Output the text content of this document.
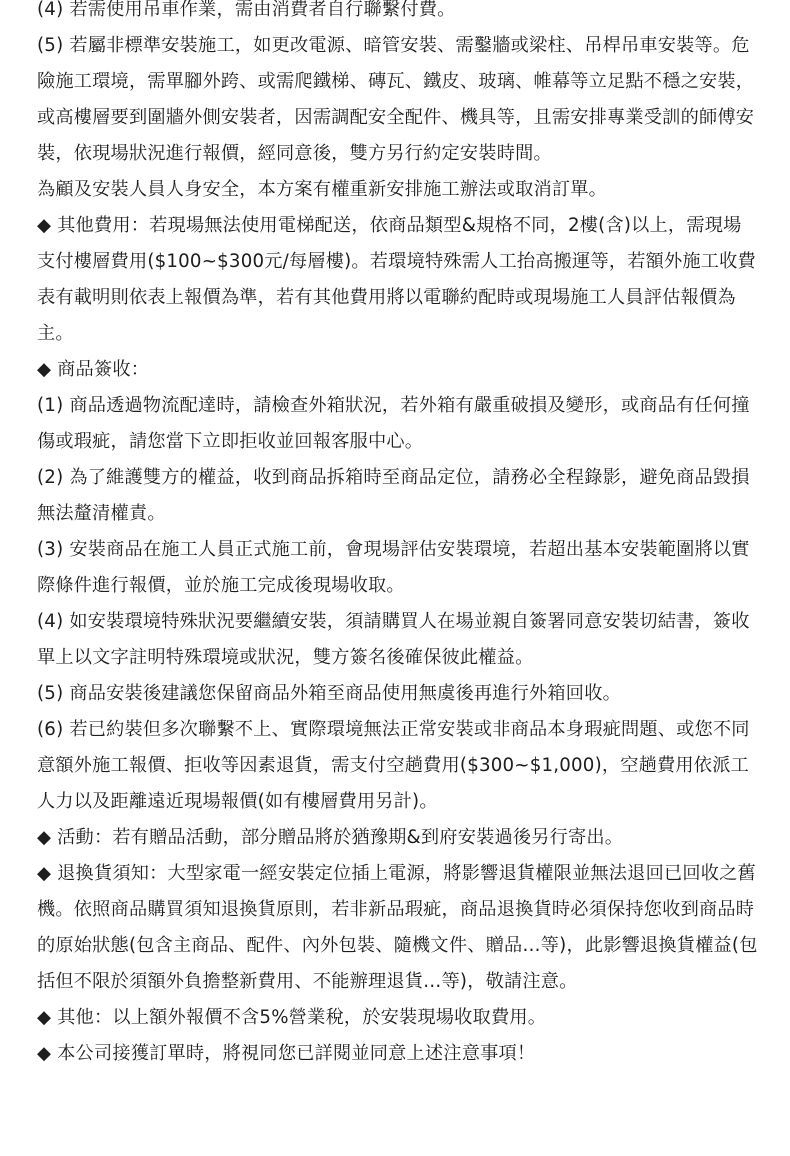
(4) 若需使用吊車作業，需由消費者自行聯繫付費。

(5) 若屬非標準安裝施工，如更改電源、暗管安裝、需鑿牆或梁柱、吊桿吊車安裝等。危險施工環境，需單腳外跨、或需爬鐵梯、磚瓦、鐵皮、玻璃、帷幕等立足點不穩之安裝，或高樓層要到圍牆外側安裝者，因需調配安全配件、機具等，且需安排專業受訓的師傅安裝，依現場狀況進行報價，經同意後，雙方另行約定安裝時間。

為顧及安裝人員人身安全，本方案有權重新安排施工辦法或取消訂單。

◆ 其他費用：若現場無法使用電梯配送，依商品類型&規格不同，2樓(含)以上，需現場支付樓層費用($100~$300元/每層樓)。若環境特殊需人工抬高搬運等，若額外施工收費表有載明則依表上報價為準，若有其他費用將以電聯約配時或現場施工人員評估報價為主。

◆ 商品簽收：

(1) 商品透過物流配達時，請檢查外箱狀況，若外箱有嚴重破損及變形，或商品有任何撞傷或瑕疵，請您當下立即拒收並回報客服中心。

(2) 為了維護雙方的權益，收到商品拆箱時至商品定位，請務必全程錄影，避免商品毀損無法釐清權責。

(3) 安裝商品在施工人員正式施工前，會現場評估安裝環境，若超出基本安裝範圍將以實際條件進行報價，並於施工完成後現場收取。

(4) 如安裝環境特殊狀況要繼續安裝，須請購買人在場並親自簽署同意安裝切結書，簽收單上以文字註明特殊環境或狀況，雙方簽名後確保彼此權益。

(5) 商品安裝後建議您保留商品外箱至商品使用無虞後再進行外箱回收。

(6) 若已約裝但多次聯繫不上、實際環境無法正常安裝或非商品本身瑕疵問題、或您不同意額外施工報價、拒收等因素退貨，需支付空趟費用($300~$1,000)，空趟費用依派工人力以及距離遠近現場報價(如有樓層費用另計)。

◆ 活動：若有贈品活動，部分贈品將於猶豫期&到府安裝過後另行寄出。

◆ 退換貨須知：大型家電一經安裝定位插上電源，將影響退貨權限並無法退回已回收之舊機。依照商品購買須知退換貨原則，若非新品瑕疵，商品退換貨時必須保持您收到商品時的原始狀態(包含主商品、配件、內外包裝、隨機文件、贈品…等)，此影響退換貨權益(包括但不限於須額外負擔整新費用、不能辦理退貨…等)，敬請注意。

◆ 其他：以上額外報價不含5%營業稅，於安裝現場收取費用。

◆ 本公司接獲訂單時，將視同您已詳閱並同意上述注意事項！
